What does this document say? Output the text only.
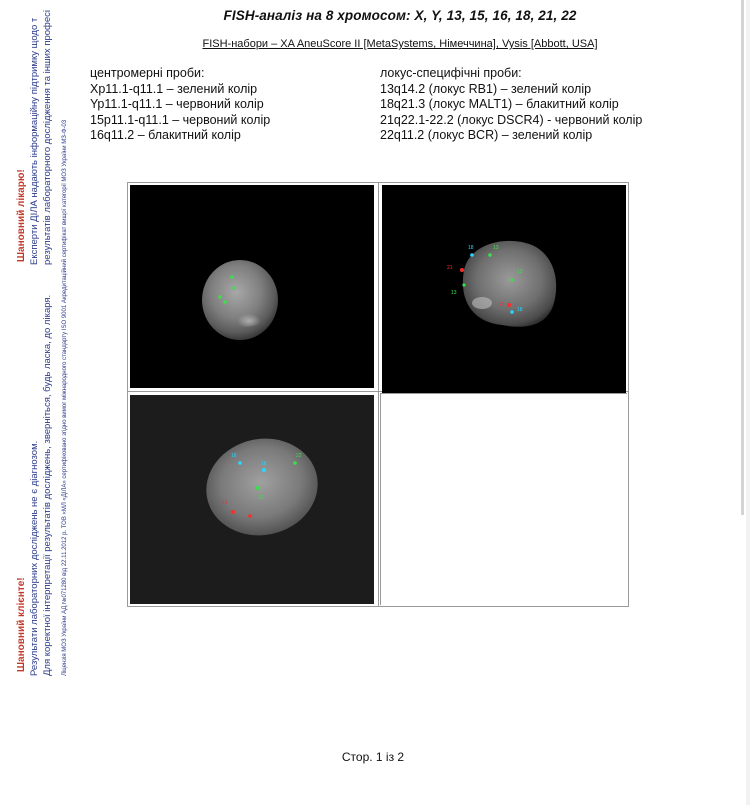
Шановний клієнте! Результати лабораторних досліджень не є діагнозом. Для коректної інтерпретації результатів досліджень, зверніться, будь ласка, до лікаря.	Ліцензія МОЗ України АД №071280 від 22.11.2012 р. ТОВ «МЛ «ДІЛА» сертифіковано згідно вимог міжнародного стандарту ISO 9001 Акредитаційний сертифікат вищої категорії МОЗ України МЗ-Ф-03
Шановний лікарю! Експерти ДІЛА надають інформаційну підтримку щодо т результатів лабораторного дослідження та інших професі	FISH-аналіз на 8 хромосом: X, Y, 13, 15, 16, 18, 21, 22
FISH-набори – XA AneuScore II [MetaSystems, Німеччина], Vysis [Abbott, USA]
центромерні проби:
Xp11.1-q11.1 – зелений колір
Yp11.1-q11.1 – червоний колір
15p11.1-q11.1 – червоний колір
16q11.2 – блакитний колір
локус-специфічні проби:
13q14.2 (локус RB1) – зелений колір
18q21.3 (локус MALT1) – блакитний колір
21q22.1-22.2 (локус DSCR4) - червоний колір
22q11.2 (локус BCR) – зелений колір
18	13
21
13
13
21
18
16
16
22
22
15
Стор. 1 із 2
